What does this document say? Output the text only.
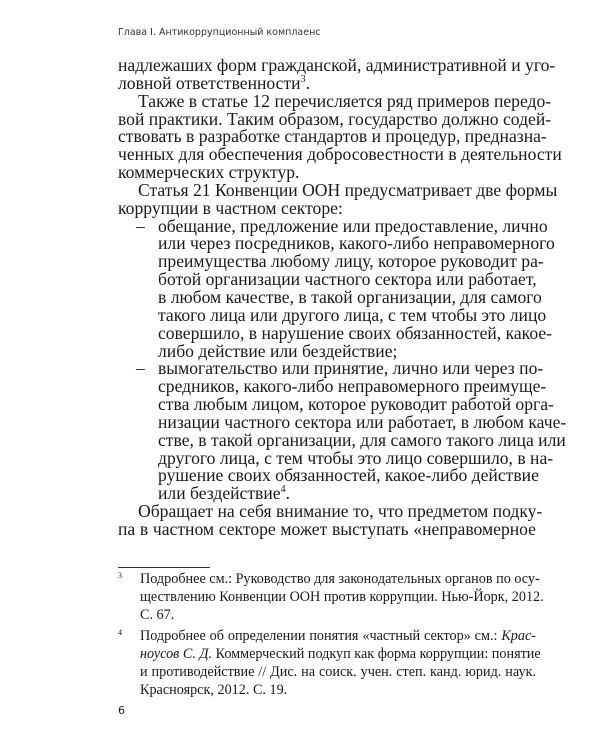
Глава I. Антикоррупционный комплаенс
надлежаших форм гражданской, административной и уго-
ловной ответственности$^3$.
Также в статье 12 перечисляется ряд примеров передо-
вой практики. Таким образом, государство должно содей-
ствовать в разработке стандартов и процедур, предназна-
ченных для обеспечения добросовестности в деятельности
коммерческих структур.
Статья 21 Конвенции ООН предусматривает две формы
коррупции в частном секторе:
– обещание, предложение или предоставление, лично
или через посредников, какого-либо неправомерного
преимущества любому лицу, которое руководит ра-
ботой организации частного сектора или работает,
в любом качестве, в такой организации, для самого
такого лица или другого лица, с тем чтобы это лицо
совершило, в нарушение своих обязанностей, какое-
либо действие или бездействие;
– вымогательство или принятие, лично или через по-
средников, какого-либо неправомерного преимуще-
ства любым лицом, которое руководит работой орга-
низации частного сектора или работает, в любом каче-
стве, в такой организации, для самого такого лица или
другого лица, с тем чтобы это лицо совершило, в на-
рушение своих обязанностей, какое-либо действие
или бездействие$^4$.
Обращает на себя внимание то, что предметом подку-
па в частном секторе может выступать «неправомерное
3 Подробнее см.: Руководство для законодательных органов по осу-
ществлению Конвенции ООН против коррупции. Нью-Йорк, 2012.
С. 67.
4 Подробнее об определении понятия «частный сектор» см.: Крас-
ноусов С. Д. Коммерческий подкуп как форма коррупции: понятие
и противодействие // Дис. на соиск. учен. степ. канд. юрид. наук.
Красноярск, 2012. С. 19.
6
